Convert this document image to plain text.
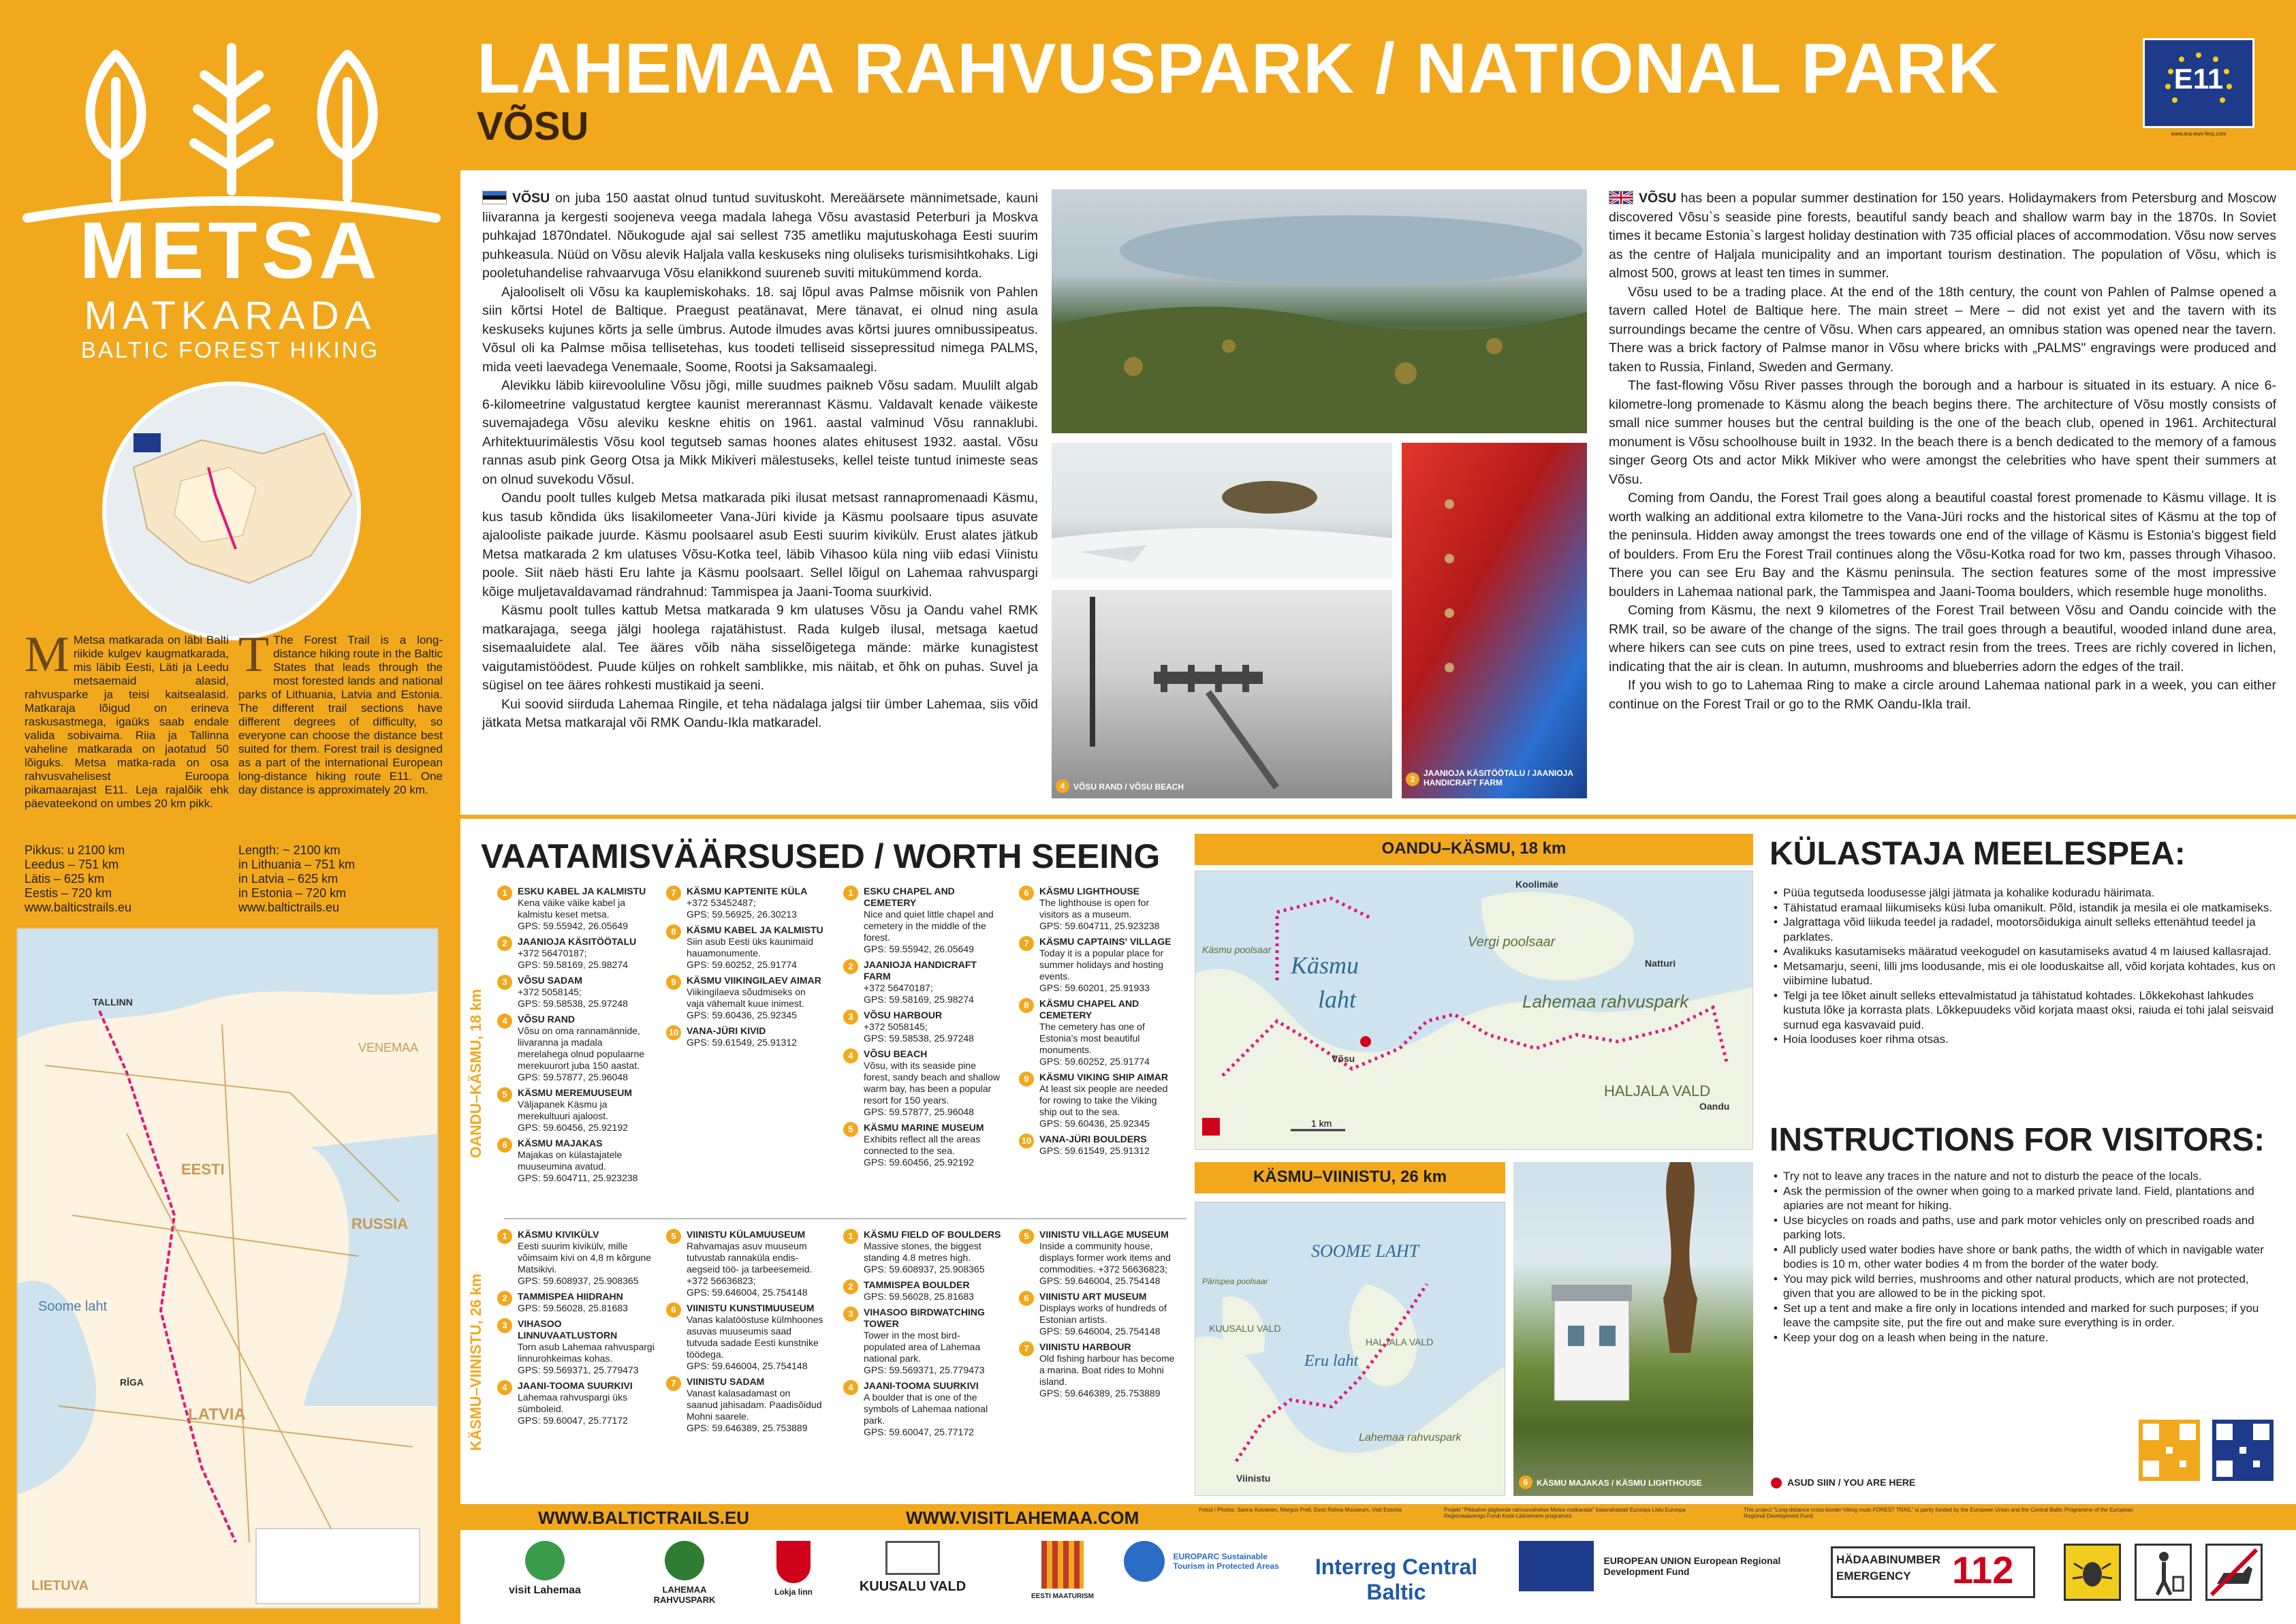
METSA
MATKARADA
BALTIC FOREST HIKING
M Metsa matkarada on läbi Balti riikide kulgev kaugmatkarada, mis läbib Eesti, Läti ja Leedu metsaemaid alasid, rahvusparke ja teisi kaitsealasid. Matkaraja lõigud on erineva raskusastmega, igaüks saab endale valida sobivaima. Riia ja Tallinna vaheline matkarada on jaotatud 50 lõiguks. Metsa matka-rada on osa rahvusvahelisest Euroopa pikamaarajast E11. Leja rajalõik ehk päevateekond on umbes 20 km pikk.
T The Forest Trail is a long-distance hiking route in the Baltic States that leads through the most forested lands and national parks of Lithuania, Latvia and Estonia. The different trail sections have different degrees of difficulty, so everyone can choose the distance best suited for them. Forest trail is designed as a part of the international European long-distance hiking route E11. One day distance is approximately 20 km.
Pikkus: u 2100 km
Leedus – 751 km
Lätis – 625 km
Eestis – 720 km
www.balticstrails.eu
Length: ~ 2100 km
in Lithuania – 751 km
in Latvia – 625 km
in Estonia – 720 km
www.baltictrails.eu
EESTI
VENEMAA
RUSSIA
LATVIA
LIETUVA
Soome laht
TALLINN
RĪGA
LAHEMAA RAHVUSPARK / NATIONAL PARK
VÕSU
E11
www.era-ewv-ferp.com

VÕSU on juba 150 aastat olnud tuntud suvituskoht. Mereäärsete männimetsade, kauni liivaranna ja kergesti soojeneva veega madala lahega Võsu avastasid Peterburi ja Moskva puhkajad 1870ndatel. Nõukogude ajal sai sellest 735 ametliku majutuskohaga Eesti suurim puhkeasula. Nüüd on Võsu alevik Haljala valla keskuseks ning oluliseks turismisihtkohaks. Ligi pooletuhandelise rahvaarvuga Võsu elanikkond suureneb suviti mitukümmend korda.

Ajalooliselt oli Võsu ka kauplemiskohaks. 18. saj lõpul avas Palmse mõisnik von Pahlen siin kõrtsi Hotel de Baltique. Praegust peatänavat, Mere tänavat, ei olnud ning asula keskuseks kujunes kõrts ja selle ümbrus. Autode ilmudes avas kõrtsi juures omnibussipeatus. Võsul oli ka Palmse mõisa tellisetehas, kus toodeti telliseid sissepressitud nimega PALMS, mida veeti laevadega Venemaale, Soome, Rootsi ja Saksamaalegi.

Alevikku läbib kiirevooluline Võsu jõgi, mille suudmes paikneb Võsu sadam. Muulilt algab 6-kilomeetrine valgustatud kergtee kaunist mererannast Käsmu. Valdavalt kenade väikeste suvemajadega Võsu aleviku keskne ehitis on 1961. aastal valminud Võsu rannaklubi. Arhitektuurimälestis Võsu kool tegutseb samas hoones alates ehitusest 1932. aastal. Võsu rannas asub pink Georg Otsa ja Mikk Mikiveri mälestuseks, kellel teiste tuntud inimeste seas on olnud suvekodu Võsul.

Oandu poolt tulles kulgeb Metsa matkarada piki ilusat metsast rannapromenaadi Käsmu, kus tasub kõndida üks lisakilomeeter Vana-Jüri kivide ja Käsmu poolsaare tipus asuvate ajalooliste paikade juurde. Käsmu poolsaarel asub Eesti suurim kivikülv. Erust alates jätkub Metsa matkarada 2 km ulatuses Võsu-Kotka teel, läbib Vihasoo küla ning viib edasi Viinistu poole. Siit näeb hästi Eru lahte ja Käsmu poolsaart. Sellel lõigul on Lahemaa rahvuspargi kõige muljetavaldavamad rändrahnud: Tammispea ja Jaani-Tooma suurkivid.

Käsmu poolt tulles kattub Metsa matkarada 9 km ulatuses Võsu ja Oandu vahel RMK matkarajaga, seega jälgi hoolega rajatähistust. Rada kulgeb ilusal, metsaga kaetud sisemaaluidete alal. Tee ääres võib näha sisselõigetega mände: märke kunagistest vaigutamistöödest. Puude küljes on rohkelt samblikke, mis näitab, et õhk on puhas. Suvel ja sügisel on tee ääres rohkesti mustikaid ja seeni.

Kui soovid siirduda Lahemaa Ringile, et teha nädalaga jalgsi tiir ümber Lahemaa, siis võid jätkata Metsa matkarajal või RMK Oandu-Ikla matkaradel.

VÕSU has been a popular summer destination for 150 years. Holidaymakers from Petersburg and Moscow discovered Võsu`s seaside pine forests, beautiful sandy beach and shallow warm bay in the 1870s. In Soviet times it became Estonia`s largest holiday destination with 735 official places of accommodation. Võsu now serves as the centre of Haljala municipality and an important tourism destination. The population of Võsu, which is almost 500, grows at least ten times in summer.

Võsu used to be a trading place. At the end of the 18th century, the count von Pahlen of Palmse opened a tavern called Hotel de Baltique here. The main street – Mere – did not exist yet and the tavern with its surroundings became the centre of Võsu. When cars appeared, an omnibus station was opened near the tavern. There was a brick factory of Palmse manor in Võsu where bricks with „PALMS" engravings were produced and taken to Russia, Finland, Sweden and Germany.

The fast-flowing Võsu River passes through the borough and a harbour is situated in its estuary. A nice 6-kilometre-long promenade to Käsmu along the beach begins there. The architecture of Võsu mostly consists of small nice summer houses but the central building is the one of the beach club, opened in 1961. Architectural monument is Võsu schoolhouse built in 1932. In the beach there is a bench dedicated to the memory of a famous singer Georg Ots and actor Mikk Mikiver who were amongst the celebrities who have spent their summers at Võsu.

Coming from Oandu, the Forest Trail goes along a beautiful coastal forest promenade to Käsmu village. It is worth walking an additional extra kilometre to the Vana-Jüri rocks and the historical sites of Käsmu at the top of the peninsula. Hidden away amongst the trees towards one end of the village of Käsmu is Estonia's biggest field of boulders. From Eru the Forest Trail continues along the Võsu-Kotka road for two km, passes through Vihasoo. There you can see Eru Bay and the Käsmu peninsula. The section features some of the most impressive boulders in Lahemaa national park, the Tammispea and Jaani-Tooma boulders, which resemble huge monoliths.

Coming from Käsmu, the next 9 kilometres of the Forest Trail between Võsu and Oandu coincide with the RMK trail, so be aware of the change of the signs. The trail goes through a beautiful, wooded inland dune area, where hikers can see cuts on pine trees, used to extract resin from the trees. Trees are richly covered in lichen, indicating that the air is clean. In autumn, mushrooms and blueberries adorn the edges of the trail.

If you wish to go to Lahemaa Ring to make a circle around Lahemaa national park in a week, you can either continue on the Forest Trail or go to the RMK Oandu-Ikla trail.

4	VÕSU RAND / VÕSU BEACH
2
JAANIOJA KÄSITÖÖTALU / JAANIOJA HANDICRAFT FARM
VAATAMISVÄÄRSUSED / WORTH SEEING
OANDU–KÄSMU, 18 km
KÄSMU–VIINISTU, 26 km
1	ESKU KABEL JA KALMISTU
Kena väike väike kabel ja kalmistu keset metsa.
GPS: 59.55942, 26.05649
2	JAANIOJA KÄSITÖÖTALU
+372 56470187;
GPS: 59.58169, 25.98274
3	VÕSU SADAM
+372 5058145;
GPS: 59.58538, 25.97248
4	VÕSU RAND
Võsu on oma rannamännide, liivaranna ja madala merelahega olnud populaarne merekuurort juba 150 aastat.
GPS: 59.57877, 25.96048
5	KÄSMU MEREMUUSEUM
Väljapanek Käsmu ja merekultuuri ajaloost.
GPS: 59.60456, 25.92192
6	KÄSMU MAJAKAS
Majakas on külastajatele muuseumina avatud.
GPS: 59.604711, 25.923238
7	KÄSMU KAPTENITE KÜLA
+372 53452487;
GPS: 59.56925, 26.30213
8	KÄSMU KABEL JA KALMISTU
Siin asub Eesti üks kaunimaid hauamonumente.
GPS: 59.60252, 25.91774
9	KÄSMU VIIKINGILAEV AIMAR
Viikingilaeva sõudmiseks on vaja vähemalt kuue inimest.
GPS: 59.60436, 25.92345
10 VANA-JÜRI KIVID
GPS: 59.61549, 25.91312
1	ESKU CHAPEL AND CEMETERY
Nice and quiet little chapel and cemetery in the middle of the forest.
GPS: 59.55942, 26.05649
2	JAANIOJA HANDICRAFT FARM
+372 56470187;
GPS: 59.58169, 25.98274
3	VÕSU HARBOUR
+372 5058145;
GPS: 59.58538, 25.97248
4	VÕSU BEACH
Võsu, with its seaside pine forest, sandy beach and shallow warm bay, has been a popular resort for 150 years.
GPS: 59.57877, 25.96048
5	KÄSMU MARINE MUSEUM
Exhibits reflect all the areas connected to the sea.
GPS: 59.60456, 25.92192
6	KÄSMU LIGHTHOUSE
The lighthouse is open for visitors as a museum.
GPS: 59.604711, 25.923238
7	KÄSMU CAPTAINS' VILLAGE
Today it is a popular place for summer holidays and hosting events.
GPS: 59.60201, 25.91933
8	KÄSMU CHAPEL AND CEMETERY
The cemetery has one of Estonia's most beautiful monuments.
GPS: 59.60252, 25.91774
9	KÄSMU VIKING SHIP AIMAR
At least six people are needed for rowing to take the Viking ship out to the sea.
GPS: 59.60436, 25.92345
10 VANA-JÜRI BOULDERS
GPS: 59.61549, 25.91312
1	KÄSMU KIVIKÜLV
Eesti suurim kivikülv, mille võimsaim kivi on 4,8 m kõrgune Matsikivi.
GPS: 59.608937, 25.908365
2	TAMMISPEA HIIDRAHN
GPS: 59.56028, 25.81683
3	VIHASOO LINNUVAATLUSTORN
Torn asub Lahemaa rahvuspargi linnurohkeimas kohas.
GPS: 59.569371, 25.779473
4	JAANI-TOOMA SUURKIVI
Lahemaa rahvuspargi üks sümboleid.
GPS: 59.60047, 25.77172
5	VIINISTU KÜLAMUUSEUM
Rahvamajas asuv muuseum tutvustab rannaküla endis-aegseid töö- ja tarbeesemeid. +372 56636823;
GPS: 59.646004, 25.754148
6	VIINISTU KUNSTIMUUSEUM
Vanas kalatööstuse külmhoones asuvas muuseumis saad tutvuda sadade Eesti kunstnike töödega.
GPS: 59.646004, 25.754148
7	VIINISTU SADAM
Vanast kalasadamast on saanud jahisadam. Paadisõidud Mohni saarele.
GPS: 59.646389, 25.753889
1	KÄSMU FIELD OF BOULDERS
Massive stones, the biggest standing 4.8 metres high.
GPS: 59.608937, 25.908365
2	TAMMISPEA BOULDER
GPS: 59.56028, 25.81683
3	VIHASOO BIRDWATCHING TOWER
Tower in the most bird-populated area of Lahemaa national park.
GPS: 59.569371, 25.779473
4	JAANI-TOOMA SUURKIVI
A boulder that is one of the symbols of Lahemaa national park.
GPS: 59.60047, 25.77172
5	VIINISTU VILLAGE MUSEUM
Inside a community house, displays former work items and commodities. +372 56636823;
GPS: 59.646004, 25.754148
6	VIINISTU ART MUSEUM
Displays works of hundreds of Estonian artists.
GPS: 59.646004, 25.754148
7	VIINISTU HARBOUR
Old fishing harbour has become a marina. Boat rides to Mohni island.
GPS: 59.646389, 25.753889
OANDU–KÄSMU, 18 km
Käsmu
laht
Vergi poolsaar
Lahemaa rahvuspark
HALJALA VALD
Käsmu poolsaar
Võsu
Oandu
Koolimäe
Natturi
1 km
KÄSMU–VIINISTU, 26 km
SOOME LAHT
Eru laht
Pärispea poolsaar
KUUSALU VALD
HALJALA VALD
Lahemaa rahvuspark
Viinistu	6	KÄSMU MAJAKAS / KÄSMU LIGHTHOUSE
KÜLASTAJA MEELESPEA:
• Püüa tegutseda loodusesse jälgi jätmata ja kohalike koduradu häirimata.
• Tähistatud eramaal liikumiseks küsi luba omanikult. Põld, istandik ja mesila ei ole matkamiseks.
• Jalgrattaga võid liikuda teedel ja radadel, mootorsõidukiga ainult selleks ettenähtud teedel ja parklates.
• Avalikuks kasutamiseks määratud veekogudel on kasutamiseks avatud 4 m laiused kallasrajad.
• Metsamarju, seeni, lilli jms loodusande, mis ei ole looduskaitse all, võid korjata kohtades, kus on viibimine lubatud.
• Telgi ja tee lõket ainult selleks ettevalmistatud ja tähistatud kohtades. Lõkkekohast lahkudes kustuta lõke ja korrasta plats. Lõkkepuudeks võid korjata maast oksi, raiuda ei tohi jalal seisvaid surnud ega kasvavaid puid.
• Hoia looduses koer rihma otsas.
INSTRUCTIONS FOR VISITORS:
• Try not to leave any traces in the nature and not to disturb the peace of the locals.
• Ask the permission of the owner when going to a marked private land. Field, plantations and apiaries are not meant for hiking.
• Use bicycles on roads and paths, use and park motor vehicles only on prescribed roads and parking lots.
• All publicly used water bodies have shore or bank paths, the width of which in navigable water bodies is 10 m, other water bodies 4 m from the border of the water body.
• You may pick wild berries, mushrooms and other natural products, which are not protected, given that you are allowed to be in the picking spot.
• Set up a tent and make a fire only in locations intended and marked for such purposes; if you leave the campsite site, put the fire out and make sure everything is in order.
• Keep your dog on a leash when being in the nature.
ASUD SIIN / YOU ARE HERE
WWW.BALTICTRAILS.EU	WWW.VISITLAHEMAA.COM	Fotod / Photos: Sanna Kuivanen, Margus Prell, Eesti Rahva Muuseum, Visit Estonia	Projekt "Pikkaline jälgiteede rahvusvahelise Metsa matkarada" kaasrahastati Euroopa Liidu Euroopa Regionaalarengu Fondi Kesk-Läänemere programmi.
This project "Long-distance cross-border hiking route FOREST TRAIL" is partly funded by the European Union and the Central Baltic Programme of the European Regional Development Fund.
visit Lahemaa	LAHEMAA RAHVUSPARK
Lokja linn	KUUSALU VALD
EESTI MAATURISM
EUROPARC Sustainable Tourism in Protected Areas	Interreg Central Baltic
EUROPEAN UNION European Regional Development Fund
HÄDAABINUMBER EMERGENCY	112
